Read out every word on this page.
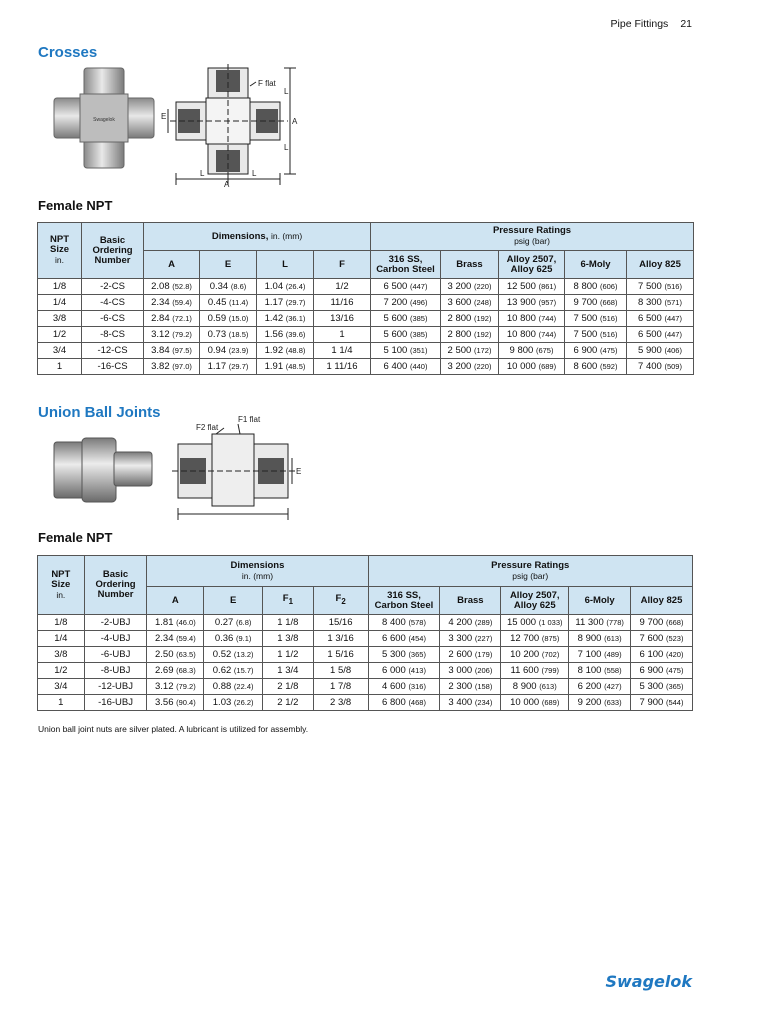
Pipe Fittings 21
Crosses
Swagelok
F flat
L
L
A
L	L
A
E
Female NPT
NPT
Size
in.	Basic
Ordering
Number	Dimensions, in. (mm)				Pressure Ratings
psig (bar)				
		A	E	L	F	316 SS,
Carbon Steel	Brass	Alloy 2507,
Alloy 625	6-Moly	Alloy 825
1/8	-2-CS	2.08 (52.8)	0.34 (8.6)	1.04 (26.4)	1/2	6 500 (447)	3 200 (220)	12 500 (861)	8 800 (606)	7 500 (516)
1/4	-4-CS	2.34 (59.4)	0.45 (11.4)	1.17 (29.7)	11/16	7 200 (496)	3 600 (248)	13 900 (957)	9 700 (668)	8 300 (571)
3/8	-6-CS	2.84 (72.1)	0.59 (15.0)	1.42 (36.1)	13/16	5 600 (385)	2 800 (192)	10 800 (744)	7 500 (516)	6 500 (447)
1/2	-8-CS	3.12 (79.2)	0.73 (18.5)	1.56 (39.6)	1	5 600 (385)	2 800 (192)	10 800 (744)	7 500 (516)	6 500 (447)
3/4	-12-CS	3.84 (97.5)	0.94 (23.9)	1.92 (48.8)	1 1/4	5 100 (351)	2 500 (172)	9 800 (675)	6 900 (475)	5 900 (406)
1	-16-CS	3.82 (97.0)	1.17 (29.7)	1.91 (48.5)	1 11/16	6 400 (440)	3 200 (220)	10 000 (689)	8 600 (592)	7 400 (509)
Union Ball Joints
F2 flat
F1 flat
E
Female NPT
NPT
Size
in.	Basic
Ordering
Number	Dimensions
in. (mm)				Pressure Ratings
psig (bar)				
		A	E	$F_1$	$F_2$	316 SS,
Carbon Steel	Brass	Alloy 2507,
Alloy 625	6-Moly	Alloy 825
1/8	-2-UBJ	1.81 (46.0)	0.27 (6.8)	1 1/8	15/16	8 400 (578)	4 200 (289)	15 000 (1 033)	11 300 (778)	9 700 (668)
1/4	-4-UBJ	2.34 (59.4)	0.36 (9.1)	1 3/8	1 3/16	6 600 (454)	3 300 (227)	12 700 (875)	8 900 (613)	7 600 (523)
3/8	-6-UBJ	2.50 (63.5)	0.52 (13.2)	1 1/2	1 5/16	5 300 (365)	2 600 (179)	10 200 (702)	7 100 (489)	6 100 (420)
1/2	-8-UBJ	2.69 (68.3)	0.62 (15.7)	1 3/4	1 5/8	6 000 (413)	3 000 (206)	11 600 (799)	8 100 (558)	6 900 (475)
3/4	-12-UBJ	3.12 (79.2)	0.88 (22.4)	2 1/8	1 7/8	4 600 (316)	2 300 (158)	8 900 (613)	6 200 (427)	5 300 (365)
1	-16-UBJ	3.56 (90.4)	1.03 (26.2)	2 1/2	2 3/8	6 800 (468)	3 400 (234)	10 000 (689)	9 200 (633)	7 900 (544)
Union ball joint nuts are silver plated. A lubricant is utilized for assembly.
Swagelok
